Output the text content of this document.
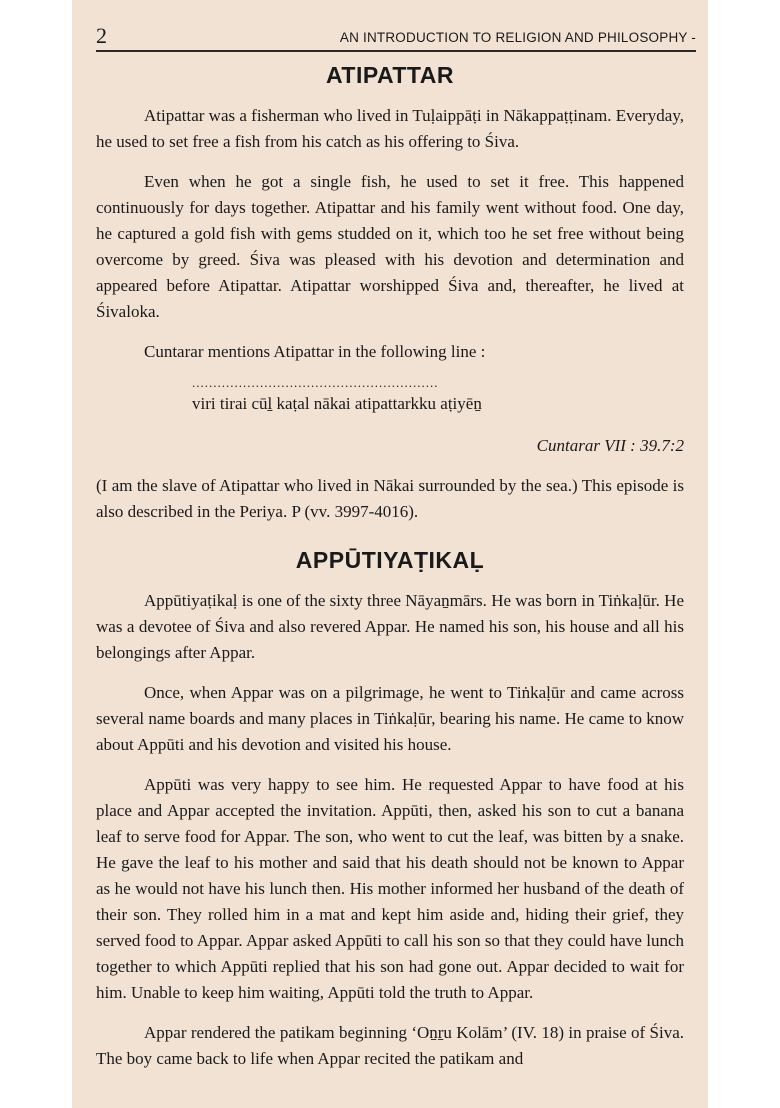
2	AN INTRODUCTION TO RELIGION AND PHILOSOPHY -
ATIPATTAR

Atipattar was a fisherman who lived in Tuḷaippāṭi in Nākappaṭṭinam. Everyday, he used to set free a fish from his catch as his offering to Śiva.

Even when he got a single fish, he used to set it free. This happened continuously for days together. Atipattar and his family went without food. One day, he captured a gold fish with gems studded on it, which too he set free without being overcome by greed. Śiva was pleased with his devotion and determination and appeared before Atipattar. Atipattar worshipped Śiva and, thereafter, he lived at Śivaloka.

Cuntarar mentions Atipattar in the following line :

..........................................................
viri tirai cūḻ kaṭal nākai atipattarkku aṭiyēṉ
Cuntarar VII : 39.7:2

(I am the slave of Atipattar who lived in Nākai surrounded by the sea.) This episode is also described in the Periya. P (vv. 3997-4016).

APPŪTIYAṬIKAḶ

Appūtiyaṭikaḷ is one of the sixty three Nāyaṉmārs. He was born in Tiṅkaḷūr. He was a devotee of Śiva and also revered Appar. He named his son, his house and all his belongings after Appar.

Once, when Appar was on a pilgrimage, he went to Tiṅkaḷūr and came across several name boards and many places in Tiṅkaḷūr, bearing his name. He came to know about Appūti and his devotion and visited his house.

Appūti was very happy to see him. He requested Appar to have food at his place and Appar accepted the invitation. Appūti, then, asked his son to cut a banana leaf to serve food for Appar. The son, who went to cut the leaf, was bitten by a snake. He gave the leaf to his mother and said that his death should not be known to Appar as he would not have his lunch then. His mother informed her husband of the death of their son. They rolled him in a mat and kept him aside and, hiding their grief, they served food to Appar. Appar asked Appūti to call his son so that they could have lunch together to which Appūti replied that his son had gone out. Appar decided to wait for him. Unable to keep him waiting, Appūti told the truth to Appar.

Appar rendered the patikam beginning ‘Oṉṟu Kolām’ (IV. 18) in praise of Śiva. The boy came back to life when Appar recited the patikam and
